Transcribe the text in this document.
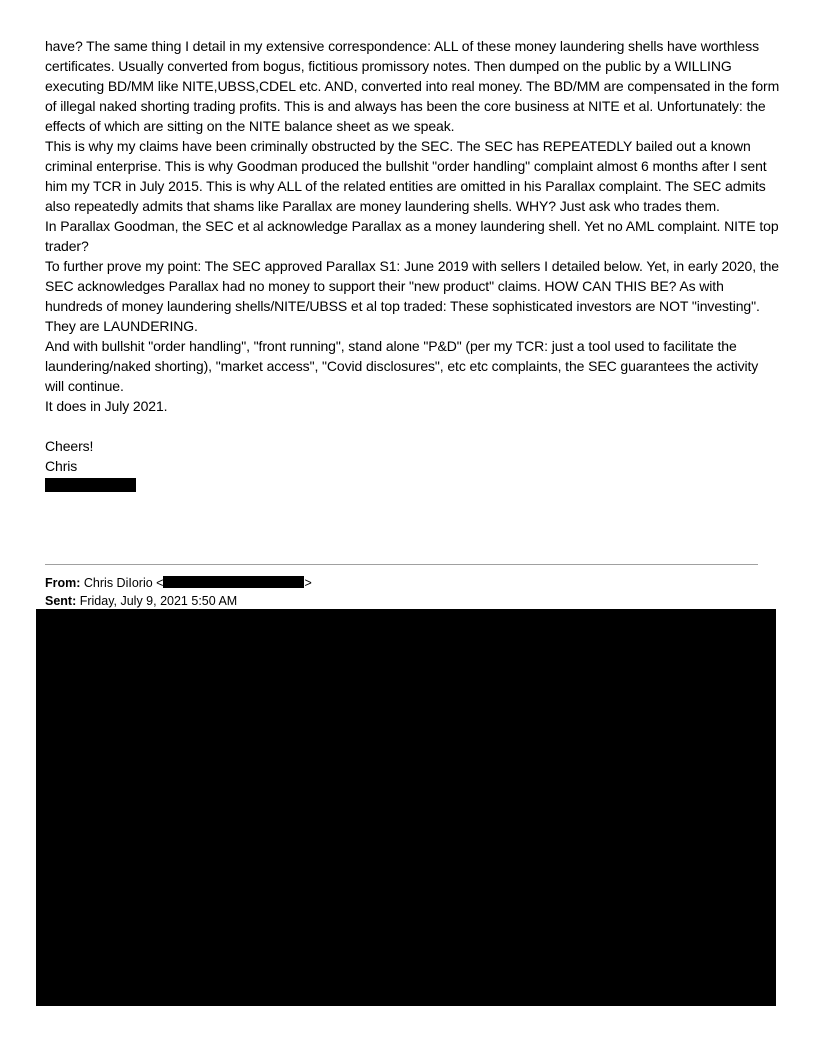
have? The same thing I detail in my extensive correspondence: ALL of these money laundering shells have worthless certificates. Usually converted from bogus, fictitious promissory notes. Then dumped on the public by a WILLING executing BD/MM like NITE,UBSS,CDEL etc. AND, converted into real money. The BD/MM are compensated in the form of illegal naked shorting trading profits. This is and always has been the core business at NITE et al. Unfortunately: the effects of which are sitting on the NITE balance sheet as we speak.

This is why my claims have been criminally obstructed by the SEC. The SEC has REPEATEDLY bailed out a known criminal enterprise. This is why Goodman produced the bullshit "order handling" complaint almost 6 months after I sent him my TCR in July 2015. This is why ALL of the related entities are omitted in his Parallax complaint. The SEC admits also repeatedly admits that shams like Parallax are money laundering shells. WHY? Just ask who trades them.

In Parallax Goodman, the SEC et al acknowledge Parallax as a money laundering shell. Yet no AML complaint. NITE top trader?

To further prove my point: The SEC approved Parallax S1: June 2019 with sellers I detailed below. Yet, in early 2020, the SEC acknowledges Parallax had no money to support their "new product" claims. HOW CAN THIS BE? As with hundreds of money laundering shells/NITE/UBSS et al top traded: These sophisticated investors are NOT "investing". They are LAUNDERING.

And with bullshit "order handling", "front running", stand alone "P&D" (per my TCR: just a tool used to facilitate the laundering/naked shorting), "market access", "Covid disclosures", etc etc complaints, the SEC guarantees the activity will continue.

It does in July 2021.

Cheers!

Chris

From: Chris DiIorio <	>
Sent: Friday, July 9, 2021 5:50 AM
